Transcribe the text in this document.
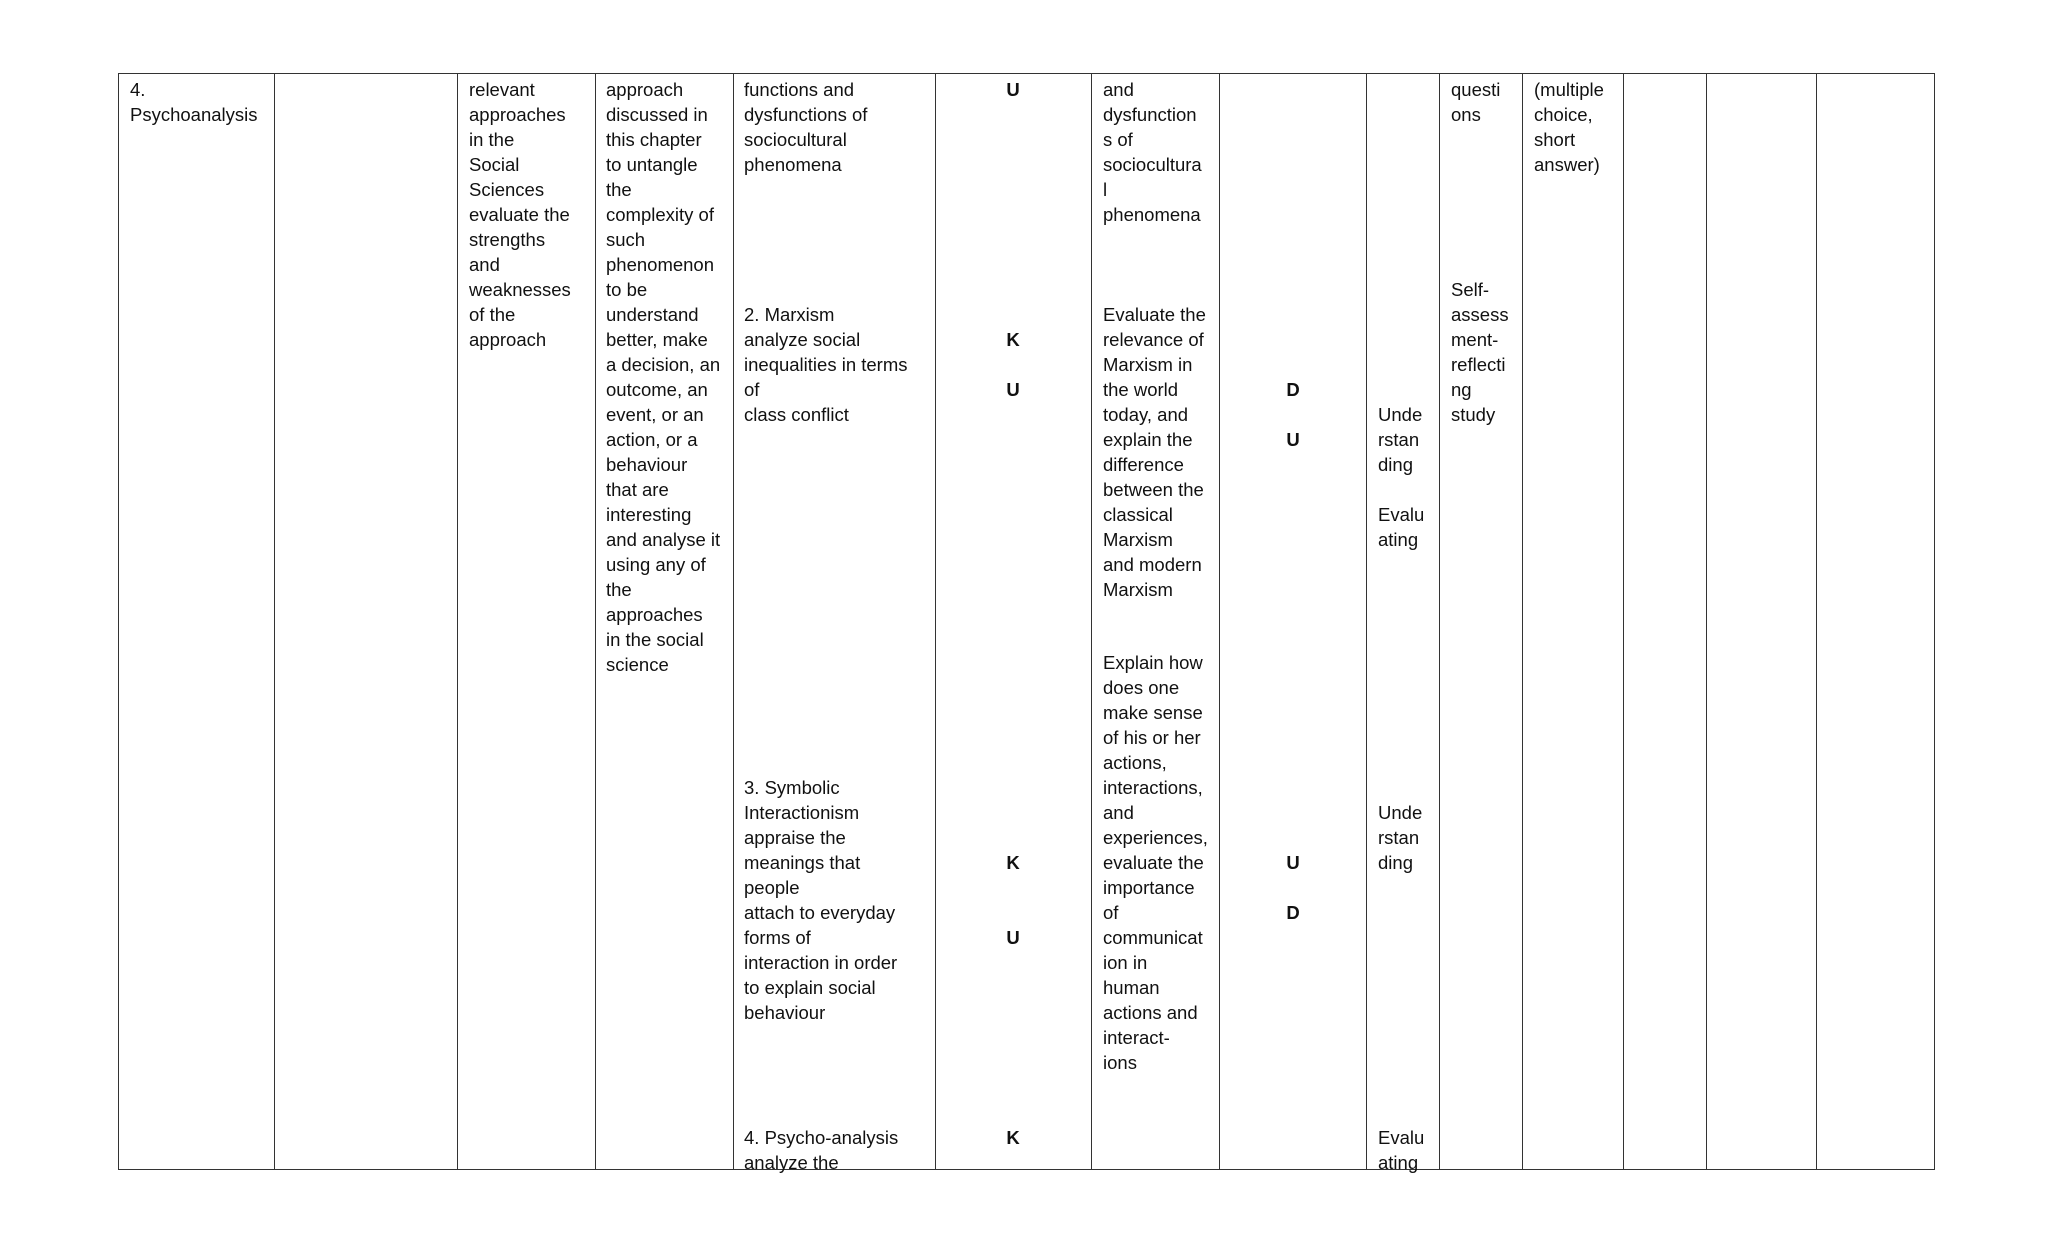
4.
Psychoanalysis
relevant
approaches
in the
Social
Sciences
evaluate the
strengths
and
weaknesses
of the
approach
approach
discussed in
this chapter
to untangle
the
complexity of
such
phenomenon
to be
understand
better, make
a decision, an
outcome, an
event, or an
action, or a
behaviour
that are
interesting
and analyse it
using any of
the
approaches
in the social
science
functions and
dysfunctions of
sociocultural
phenomena
2. Marxism
analyze social
inequalities in terms
of
class conflict
3. Symbolic
Interactionism
appraise the
meanings that
people
attach to everyday
forms of
interaction in order
to explain social
behaviour
4. Psycho-analysis
analyze the
U
K
U
K
U
K
and
dysfunction
s of
sociocultura
l
phenomena
Evaluate the
relevance of
Marxism in
the world
today, and
explain the
difference
between the
classical
Marxism
and modern
Marxism
Explain how
does one
make sense
of his or her
actions,
interactions,
and
experiences,
evaluate the
importance
of
communicat
ion in
human
actions and
interact-
ions
D
U
U
D
Unde
rstan
ding

Evalu
ating
Unde
rstan
ding
Evalu
ating
questi
ons
Self-
assess
ment-
reflecti
ng
study
(multiple
choice,
short
answer)
